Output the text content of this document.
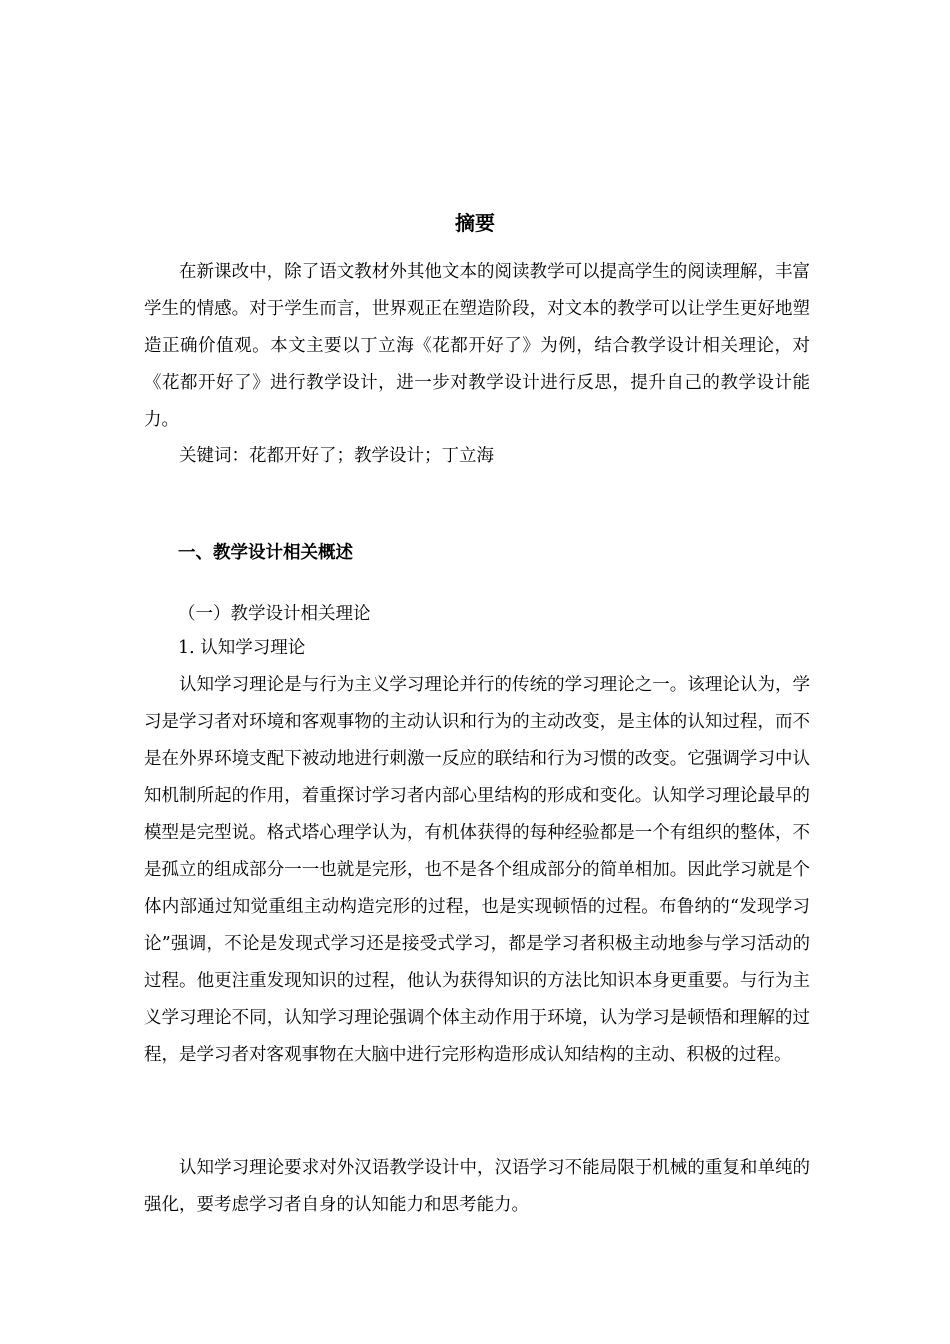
摘要

在新课改中，除了语文教材外其他文本的阅读教学可以提高学生的阅读理解，丰富学生的情感。对于学生而言，世界观正在塑造阶段，对文本的教学可以让学生更好地塑造正确价值观。本文主要以丁立海《花都开好了》为例，结合教学设计相关理论，对《花都开好了》进行教学设计，进一步对教学设计进行反思，提升自己的教学设计能力。

关键词：花都开好了；教学设计；丁立海

一、教学设计相关概述
（一）教学设计相关理论
1. 认知学习理论

认知学习理论是与行为主义学习理论并行的传统的学习理论之一。该理论认为，学习是学习者对环境和客观事物的主动认识和行为的主动改变，是主体的认知过程，而不是在外界环境支配下被动地进行刺激一反应的联结和行为习惯的改变。它强调学习中认知机制所起的作用，着重探讨学习者内部心里结构的形成和变化。认知学习理论最早的模型是完型说。格式塔心理学认为，有机体获得的每种经验都是一个有组织的整体，不是孤立的组成部分一一也就是完形，也不是各个组成部分的简单相加。因此学习就是个体内部通过知觉重组主动构造完形的过程，也是实现顿悟的过程。布鲁纳的“发现学习论”强调，不论是发现式学习还是接受式学习，都是学习者积极主动地参与学习活动的过程。他更注重发现知识的过程，他认为获得知识的方法比知识本身更重要。与行为主义学习理论不同，认知学习理论强调个体主动作用于环境，认为学习是顿悟和理解的过程，是学习者对客观事物在大脑中进行完形构造形成认知结构的主动、积极的过程。

认知学习理论要求对外汉语教学设计中，汉语学习不能局限于机械的重复和单纯的强化，要考虑学习者自身的认知能力和思考能力。
